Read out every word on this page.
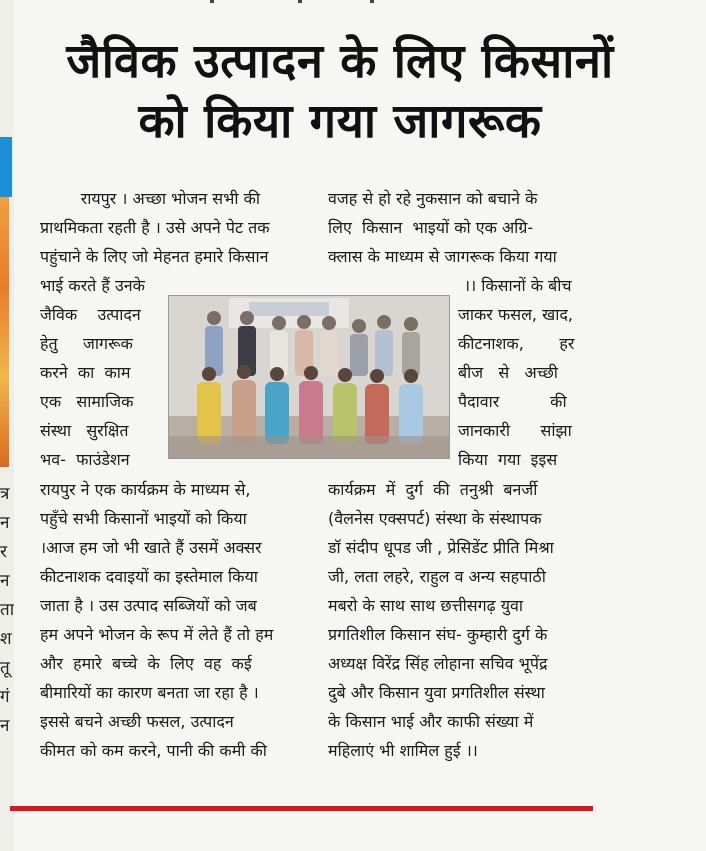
त्र
न
र
न
ता
श
तू
गं
न
जैविक उत्पादन के लिए किसानों
को किया गया जागरूक
रायपुर । अच्छा भोजन सभी की
प्राथमिकता रहती है । उसे अपने पेट तक
पहुंचाने के लिए जो मेहनत हमारे किसान
भाई करते हैं उनके
जैविक    उत्पादन
हेतु     जागरूक
करने  का  काम
एक   सामाजिक
संस्था   सुरक्षित
भव-  फाउंडेशन
रायपुर ने एक कार्यक्रम के माध्यम से,
पहुँचे सभी किसानों भाइयों को किया
।आज हम जो भी खाते हैं उसमें अक्सर
कीटनाशक दवाइयों का इस्तेमाल किया
जाता है । उस उत्पाद सब्जियों को जब
हम अपने भोजन के रूप में लेते हैं तो हम
और  हमारे  बच्चे  के  लिए  वह  कई
बीमारियों का कारण बनता जा रहा है ।
इससे बचने अच्छी फसल, उत्पादन
कीमत को कम करने, पानी की कमी की
वजह से हो रहे नुकसान को बचाने के
लिए  किसान  भाइयों को एक अग्रि-
क्लास के माध्यम से जागरूक किया गया
।। किसानों के बीच
जाकर फसल, खाद,
कीटनाशक,       हर
बीज   से   अच्छी
पैदावार          की
जानकारी      सांझा
किया  गया  इइस
कार्यक्रम  में  दुर्ग  की  तनुश्री  बनर्जी
(वैलनेस एक्सपर्ट) संस्था के संस्थापक
डॉ संदीप धूपड जी , प्रेसिडेंट प्रीति मिश्रा
जी, लता लहरे, राहुल व अन्य सहपाठी
मबरो के साथ साथ छत्तीसगढ़ युवा
प्रगतिशील किसान संघ- कुम्हारी दुर्ग के
अध्यक्ष विरेंद्र सिंह लोहाना सचिव भूपेंद्र
दुबे और किसान युवा प्रगतिशील संस्था
के किसान भाई और काफी संख्या में
महिलाएं भी शामिल हुई ।।
